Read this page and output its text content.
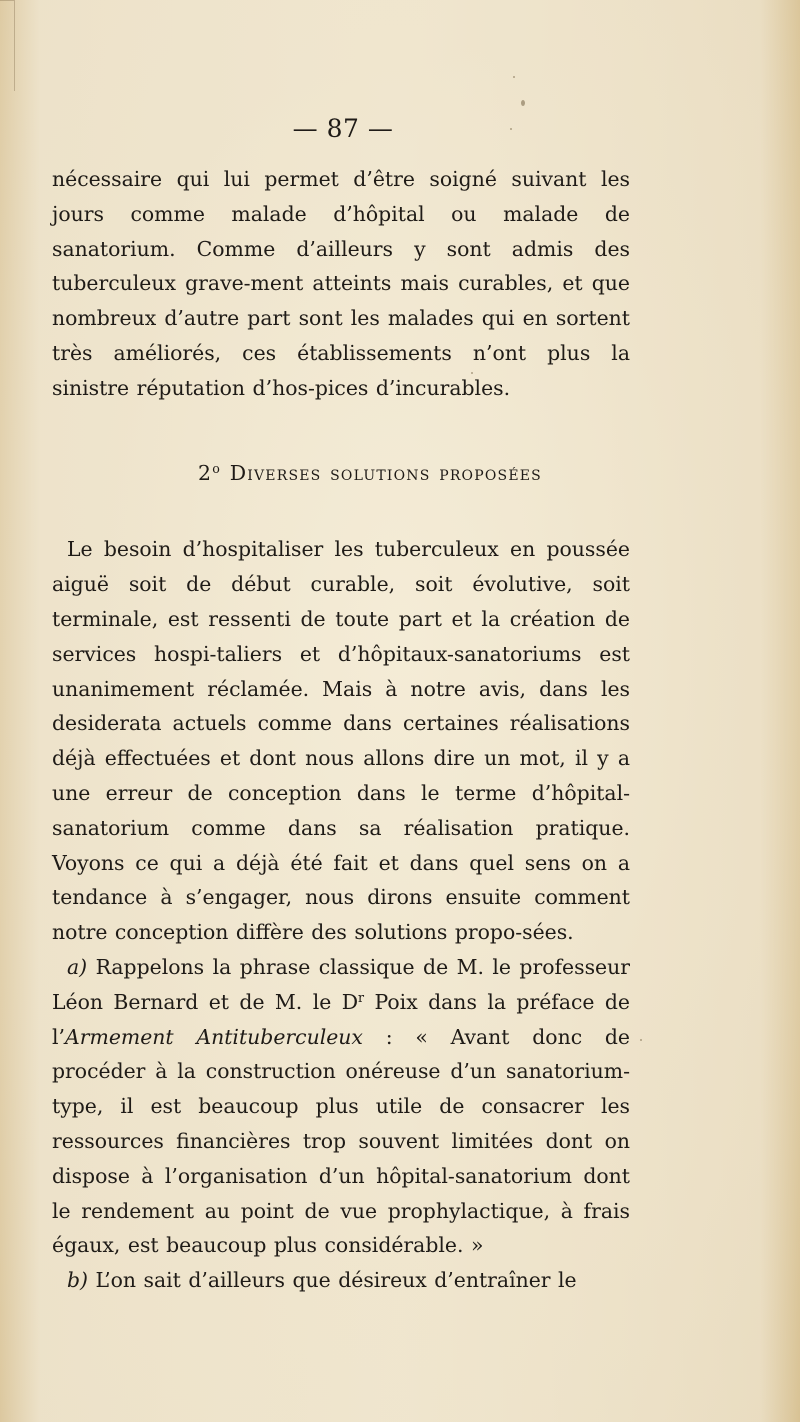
— 87 —

nécessaire qui lui permet d’être soigné suivant les jours comme malade d’hôpital ou malade de sanatorium. Comme d’ailleurs y sont admis des tuberculeux grave-ment atteints mais curables, et que nombreux d’autre part sont les malades qui en sortent très améliorés, ces établissements n’ont plus la sinistre réputation d’hos-pices d’incurables.

2$^o$ Diverses solutions proposées

Le besoin d’hospitaliser les tuberculeux en poussée aiguë soit de début curable, soit évolutive, soit terminale, est ressenti de toute part et la création de services hospi-taliers et d’hôpitaux-sanatoriums est unanimement réclamée. Mais à notre avis, dans les desiderata actuels comme dans certaines réalisations déjà effectuées et dont nous allons dire un mot, il y a une erreur de conception dans le terme d’hôpital-sanatorium comme dans sa réalisation pratique. Voyons ce qui a déjà été fait et dans quel sens on a tendance à s’engager, nous dirons ensuite comment notre conception diffère des solutions propo-sées.

a) Rappelons la phrase classique de M. le professeur Léon Bernard et de M. le $D^r$ Poix dans la préface de l’Armement Antituberculeux : « Avant donc de procéder à la construction onéreuse d’un sanatorium-type, il est beaucoup plus utile de consacrer les ressources financières trop souvent limitées dont on dispose à l’organisation d’un hôpital-sanatorium dont le rendement au point de vue prophylactique, à frais égaux, est beaucoup plus considérable. »

b) L’on sait d’ailleurs que désireux d’entraîner le
